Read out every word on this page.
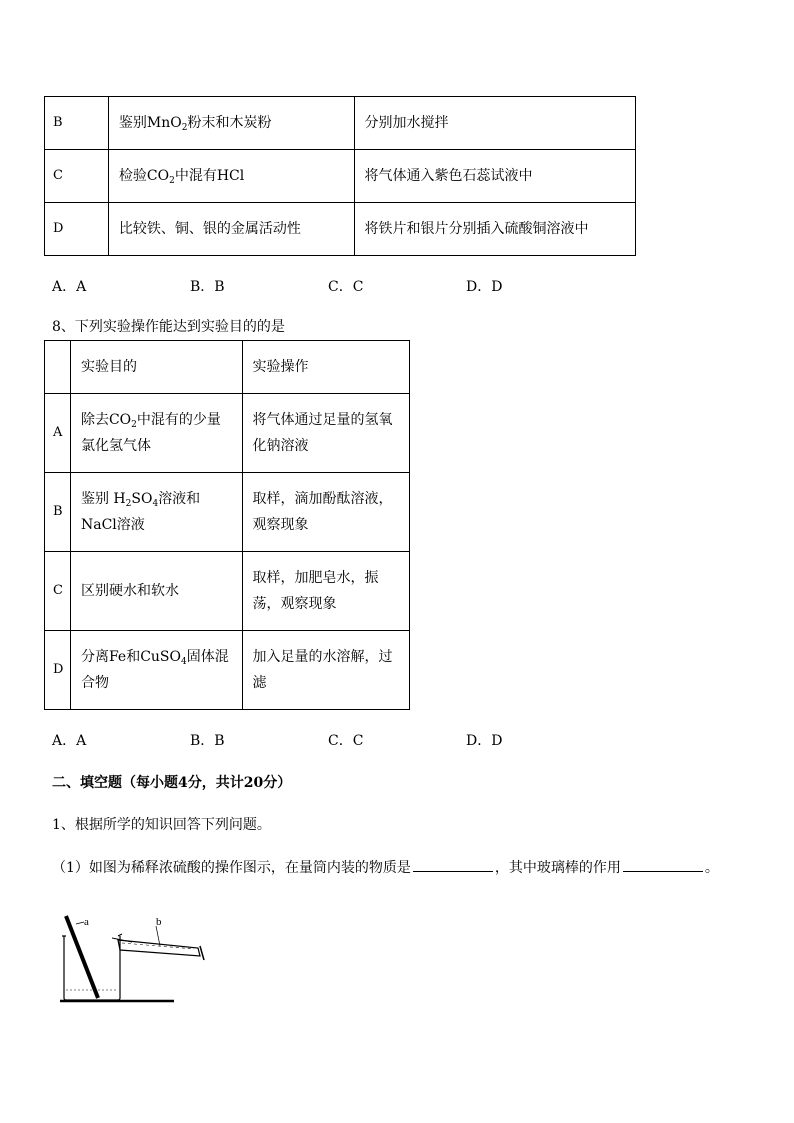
B	鉴别MnO$_2$粉末和木炭粉	分别加水搅拌
C	检验$CO_2$中混有HCl	将气体通入紫色石蕊试液中
D	比较铁、铜、银的金属活动性	将铁片和银片分别插入硫酸铜溶液中
A．A	B．B	C．C	D．D
8、下列实验操作能达到实验目的的是
	实验目的	实验操作
A	除去$CO_2$中混有的少量氯化氢气体	将气体通过足量的氢氧化钠溶液
B	鉴别 $H_2SO_4$溶液和 NaCl溶液	取样，滴加酚酞溶液，观察现象
C	区别硬水和软水	取样，加肥皂水，振荡，观察现象
D	分离Fe和CuSO$_4$固体混合物	加入足量的水溶解，过滤
A．A	B．B	C．C	D．D
二、填空题（每小题4分，共计20分）
1、根据所学的知识回答下列问题。
（1）如图为稀释浓硫酸的操作图示，在量筒内装的物质是	，其中玻璃棒的作用	。
a	b
